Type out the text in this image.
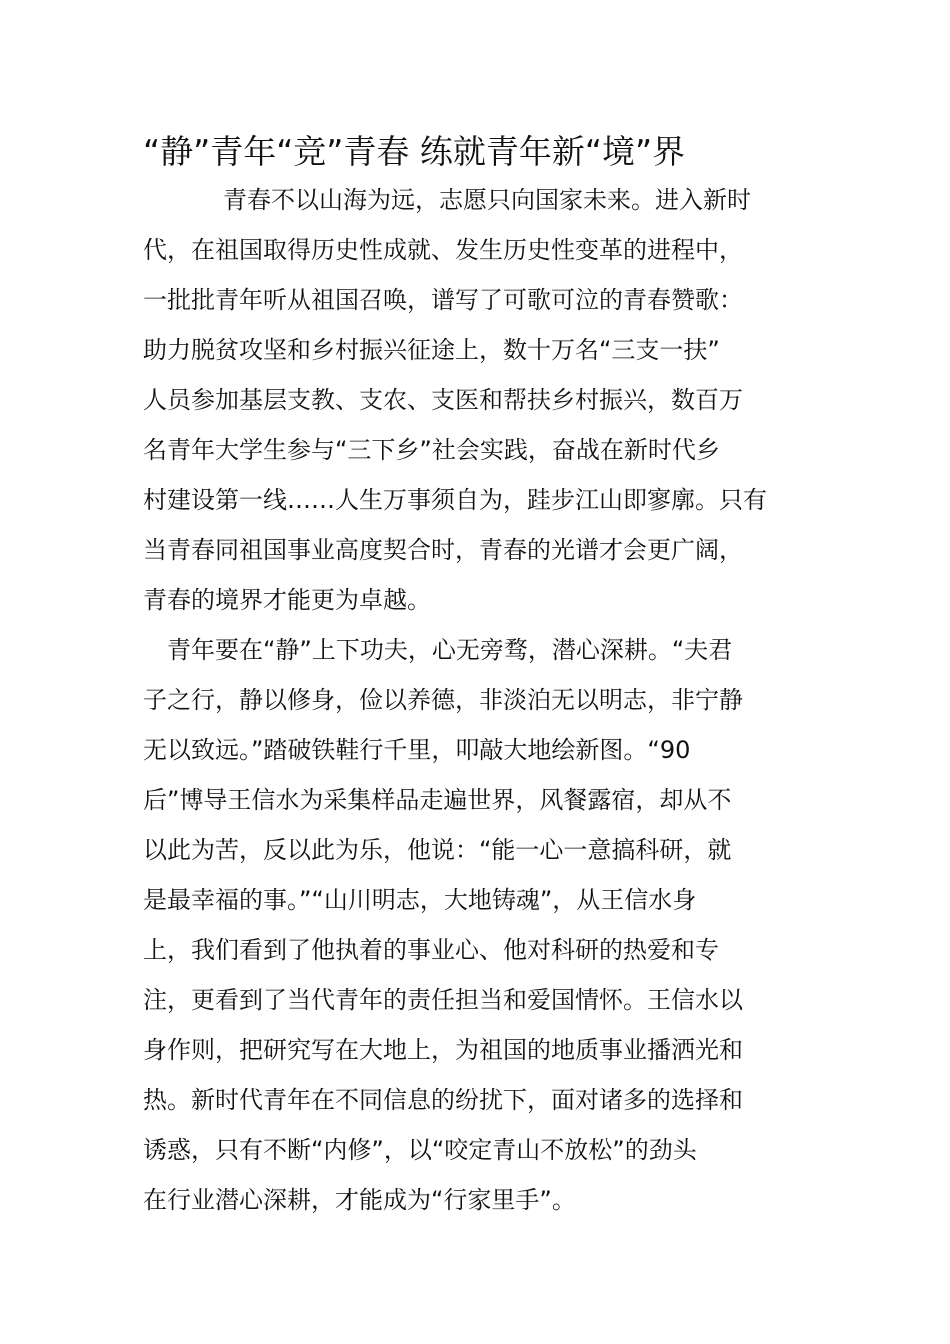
“静”青年“竞”青春 练就青年新“境”界

青春不以山海为远，志愿只向国家未来。进入新时

代，在祖国取得历史性成就、发生历史性变革的进程中，

一批批青年听从祖国召唤，谱写了可歌可泣的青春赞歌：

助力脱贫攻坚和乡村振兴征途上，数十万名“三支一扶”

人员参加基层支教、支农、支医和帮扶乡村振兴，数百万

名青年大学生参与“三下乡”社会实践，奋战在新时代乡

村建设第一线……人生万事须自为，跬步江山即寥廓。只有

当青春同祖国事业高度契合时，青春的光谱才会更广阔，

青春的境界才能更为卓越。

青年要在“静”上下功夫，心无旁骛，潜心深耕。“夫君

子之行，静以修身，俭以养德，非淡泊无以明志，非宁静

无以致远。”踏破铁鞋行千里，叩敲大地绘新图。“90

后”博导王信水为采集样品走遍世界，风餐露宿，却从不

以此为苦，反以此为乐，他说：“能一心一意搞科研，就

是最幸福的事。”“山川明志，大地铸魂”，从王信水身

上，我们看到了他执着的事业心、他对科研的热爱和专

注，更看到了当代青年的责任担当和爱国情怀。王信水以

身作则，把研究写在大地上，为祖国的地质事业播洒光和

热。新时代青年在不同信息的纷扰下，面对诸多的选择和

诱惑，只有不断“内修”，以“咬定青山不放松”的劲头

在行业潜心深耕，才能成为“行家里手”。
